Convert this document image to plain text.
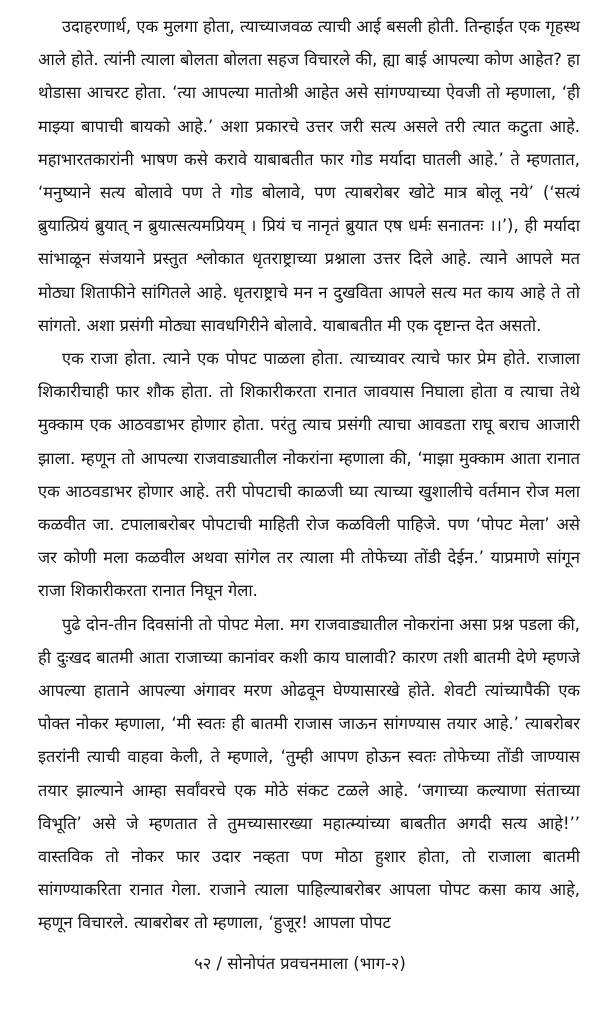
उदाहरणार्थ, एक मुलगा होता, त्याच्याजवळ त्याची आई बसली होती. तिन्हाईत एक गृहस्थ आले होते. त्यांनी त्याला बोलता बोलता सहज विचारले की, ह्या बाई आपल्या कोण आहेत? हा थोडासा आचरट होता. ‘त्या आपल्या मातोश्री आहेत असे सांगण्याच्या ऐवजी तो म्हणाला, ‘ही माझ्या बापाची बायको आहे.’ अशा प्रकारचे उत्तर जरी सत्य असले तरी त्यात कटुता आहे. महाभारतकारांनी भाषण कसे करावे याबाबतीत फार गोड मर्यादा घातली आहे.’ ते म्हणतात, ‘मनुष्याने सत्य बोलावे पण ते गोड बोलावे, पण त्याबरोबर खोटे मात्र बोलू नये’ (‘सत्यं ब्रुयात्प्रियं ब्रुयात् न ब्रुयात्सत्यमप्रियम् । प्रियं च नानृतं ब्रुयात एष धर्मः सनातनः ।।’), ही मर्यादा सांभाळून संजयाने प्रस्तुत श्लोकात धृतराष्ट्राच्या प्रश्नाला उत्तर दिले आहे. त्याने आपले मत मोठ्या शिताफीने सांगितले आहे. धृतराष्ट्राचे मन न दुखविता आपले सत्य मत काय आहे ते तो सांगतो. अशा प्रसंगी मोठ्या सावधगिरीने बोलावे. याबाबतीत मी एक दृष्टान्त देत असतो.

एक राजा होता. त्याने एक पोपट पाळला होता. त्याच्यावर त्याचे फार प्रेम होते. राजाला शिकारीचाही फार शौक होता. तो शिकारीकरता रानात जावयास निघाला होता व त्याचा तेथे मुक्काम एक आठवडाभर होणार होता. परंतु त्याच प्रसंगी त्याचा आवडता राघू बराच आजारी झाला. म्हणून तो आपल्या राजवाड्यातील नोकरांना म्हणाला की, ‘माझा मुक्काम आता रानात एक आठवडाभर होणार आहे. तरी पोपटाची काळजी घ्या त्याच्या खुशालीचे वर्तमान रोज मला कळवीत जा. टपालाबरोबर पोपटाची माहिती रोज कळविली पाहिजे. पण ‘पोपट मेला’ असे जर कोणी मला कळवील अथवा सांगेल तर त्याला मी तोफेच्या तोंडी देईन.’ याप्रमाणे सांगून राजा शिकारीकरता रानात निघून गेला.

पुढे दोन-तीन दिवसांनी तो पोपट मेला. मग राजवाड्यातील नोकरांना असा प्रश्न पडला की, ही दुःखद बातमी आता राजाच्या कानांवर कशी काय घालावी? कारण तशी बातमी देणे म्हणजे आपल्या हाताने आपल्या अंगावर मरण ओढवून घेण्यासारखे होते. शेवटी त्यांच्यापैकी एक पोक्त नोकर म्हणाला, ‘मी स्वतः ही बातमी राजास जाऊन सांगण्यास तयार आहे.’ त्याबरोबर इतरांनी त्याची वाहवा केली, ते म्हणाले, ‘तुम्ही आपण होऊन स्वतः तोफेच्या तोंडी जाण्यास तयार झाल्याने आम्हा सर्वांवरचे एक मोठे संकट टळले आहे. ‘जगाच्या कल्याणा संताच्या विभूति’ असे जे म्हणतात ते तुमच्यासारख्या महात्म्यांच्या बाबतीत अगदी सत्य आहे!’’ वास्तविक तो नोकर फार उदार नव्हता पण मोठा हुशार होता, तो राजाला बातमी सांगण्याकरिता रानात गेला. राजाने त्याला पाहिल्याबरोबर आपला पोपट कसा काय आहे, म्हणून विचारले. त्याबरोबर तो म्हणाला, ‘हुजूर! आपला पोपट

५२ / सोनोपंत प्रवचनमाला (भाग-२)
